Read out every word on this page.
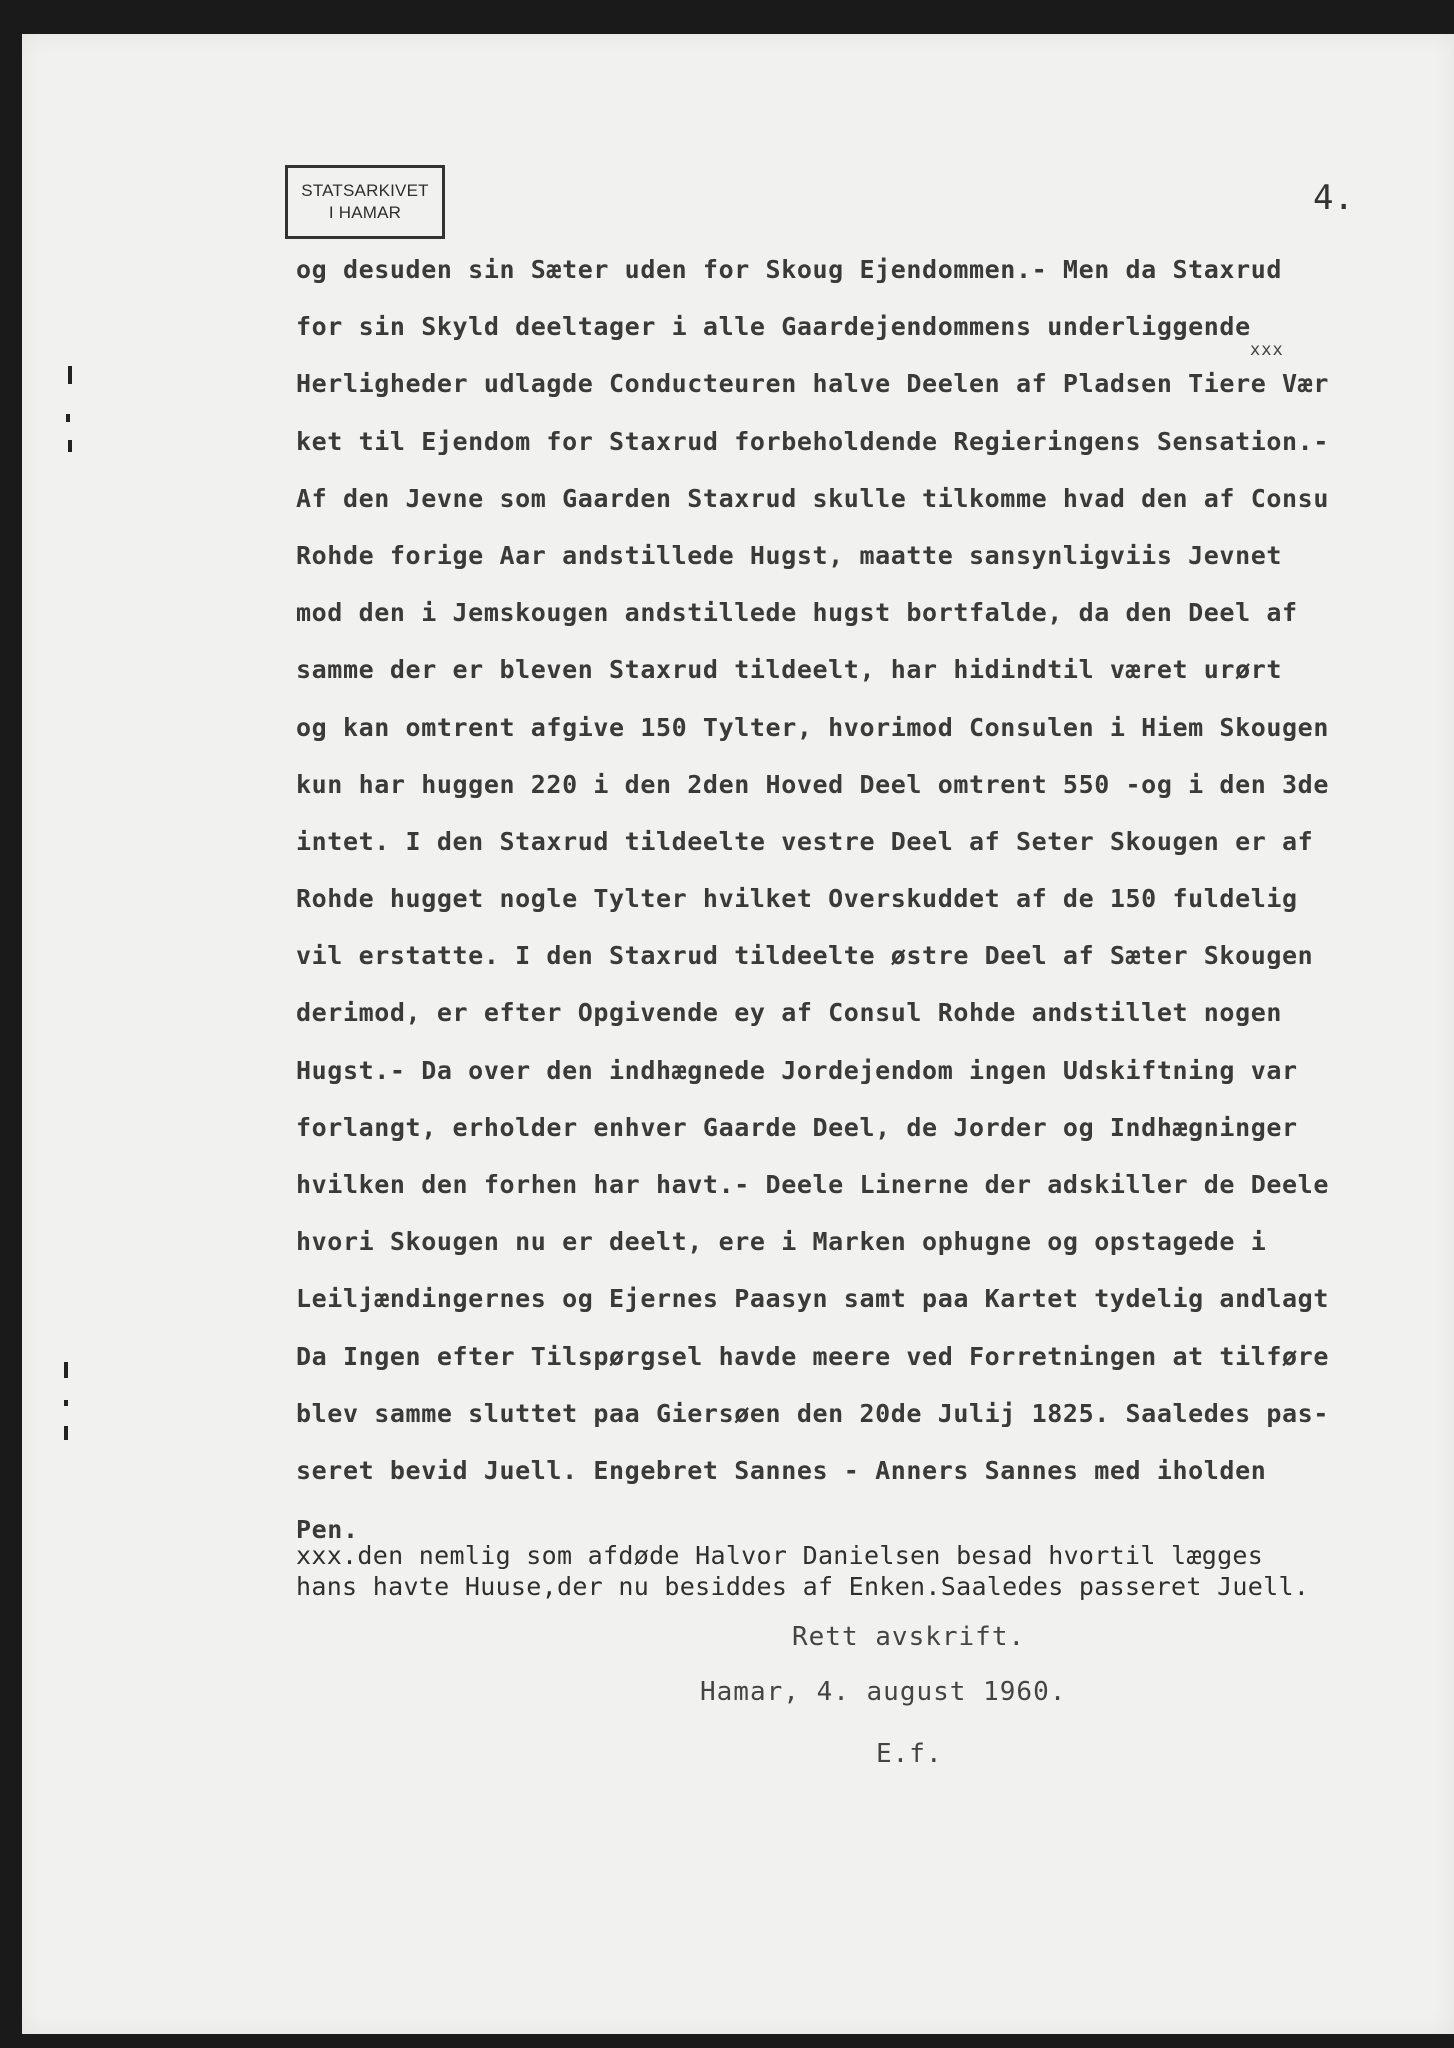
STATSARKIVET
I HAMAR	4.
xxx
og desuden sin Sæter uden for Skoug Ejendommen.- Men da Staxrud
for sin Skyld deeltager i alle Gaardejendommens underliggende
Herligheder udlagde Conducteuren halve Deelen af Pladsen Tiere Vær
ket til Ejendom for Staxrud forbeholdende Regieringens Sensation.-
Af den Jevne som Gaarden Staxrud skulle tilkomme hvad den af Consu
Rohde forige Aar andstillede Hugst, maatte sansynligviis Jevnet
mod den i Jemskougen andstillede hugst bortfalde, da den Deel af
samme der er bleven Staxrud tildeelt, har hidindtil været urørt
og kan omtrent afgive 150 Tylter, hvorimod Consulen i Hiem Skougen
kun har huggen 220 i den 2den Hoved Deel omtrent 550 -og i den 3de
intet. I den Staxrud tildeelte vestre Deel af Seter Skougen er af
Rohde hugget nogle Tylter hvilket Overskuddet af de 150 fuldelig
vil erstatte. I den Staxrud tildeelte østre Deel af Sæter Skougen
derimod, er efter Opgivende ey af Consul Rohde andstillet nogen
Hugst.- Da over den indhægnede Jordejendom ingen Udskiftning var
forlangt, erholder enhver Gaarde Deel, de Jorder og Indhægninger
hvilken den forhen har havt.- Deele Linerne der adskiller de Deele
hvori Skougen nu er deelt, ere i Marken ophugne og opstagede i
Leiljændingernes og Ejernes Paasyn samt paa Kartet tydelig andlagt
Da Ingen efter Tilspørgsel havde meere ved Forretningen at tilføre
blev samme sluttet paa Giersøen den 20de Julij 1825. Saaledes pas-
seret bevid Juell. Engebret Sannes - Anners Sannes med iholden
Pen.
xxx.den nemlig som afdøde Halvor Danielsen besad hvortil lægges
hans havte Huuse,der nu besiddes af Enken.Saaledes passeret Juell.
Rett avskrift.
Hamar, 4. august 1960.
E.f.
